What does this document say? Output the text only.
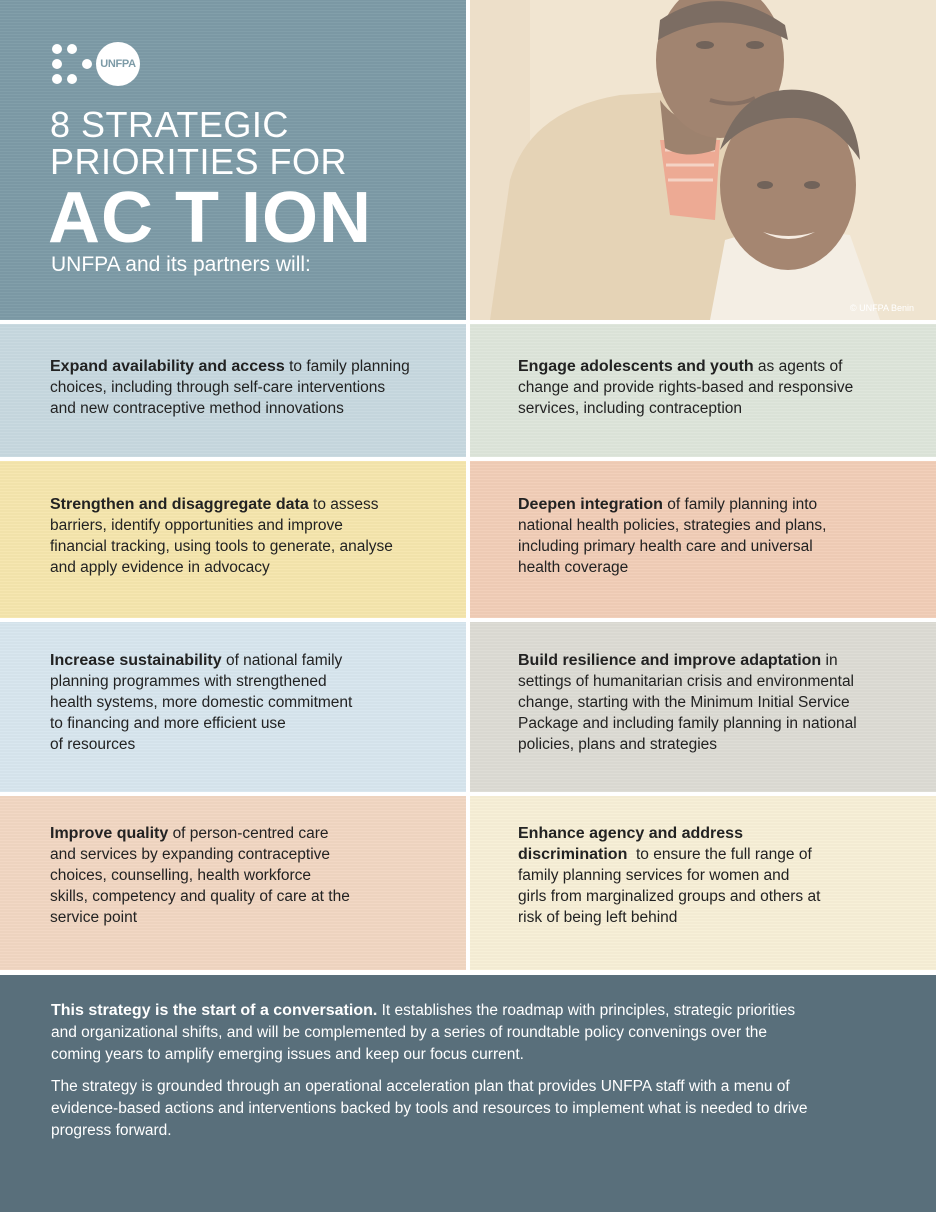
UNFPA
8 STRATEGIC
PRIORITIES FOR
AC T ION
UNFPA and its partners will:
© UNFPA Benin
Expand availability and access to family planning
choices, including through self-care interventions
and new contraceptive method innovations
Engage adolescents and youth as agents of
change and provide rights-based and responsive
services, including contraception
Strengthen and disaggregate data to assess
barriers, identify opportunities and improve
financial tracking, using tools to generate, analyse
and apply evidence in advocacy
Deepen integration of family planning into
national health policies, strategies and plans,
including primary health care and universal
health coverage
Increase sustainability of national family
planning programmes with strengthened
health systems, more domestic commitment
to financing and more efficient use
of resources
Build resilience and improve adaptation in
settings of humanitarian crisis and environmental
change, starting with the Minimum Initial Service
Package and including family planning in national
policies, plans and strategies
Improve quality of person-centred care
and services by expanding contraceptive
choices, counselling, health workforce
skills, competency and quality of care at the
service point
Enhance agency and address
discrimination to ensure the full range of
family planning services for women and
girls from marginalized groups and others at
risk of being left behind

This strategy is the start of a conversation. It establishes the roadmap with principles, strategic priorities
and organizational shifts, and will be complemented by a series of roundtable policy convenings over the
coming years to amplify emerging issues and keep our focus current.

The strategy is grounded through an operational acceleration plan that provides UNFPA staff with a menu of
evidence-based actions and interventions backed by tools and resources to implement what is needed to drive
progress forward.
